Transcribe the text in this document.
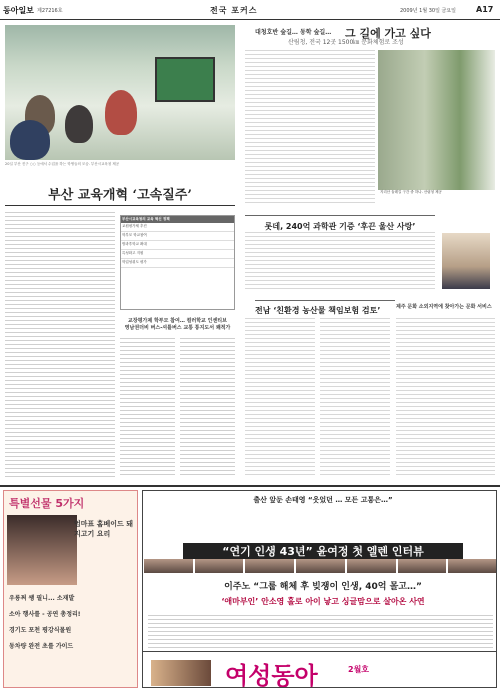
동아일보 제27216호	전국 포커스	2009년 1월 30일 금요일 A17
20일 부산 진구 ○○ 등에서 수업을 하는 학생들의 모습. 부산시교육청 제공
부산 교육개혁 ‘고속질주’
부산시교육청의 교육 혁신 정책
교원평가제 추진
학부모 학교참여
방과후학교 확대
특성화고 지원
학업성취도 평가
교장평가제 학부모 참여… 컬러학교 인센티브
영남권더비 버스-셔틀버스 교통 통지도서 쾌적가
대청호반 숲길… 동학 숲길… 그 길에 가고 싶다
산림청, 전국 12곳 1500㎞ 문화체험로 조성
지리산 둘레길 구간 중 하나. 산림청 제공
롯데, 240억 과학관 기증 ‘후끈 울산 사랑’
전남 ‘친환경 농산물 책임보험 검토’	제주 문화 소외지역에 찾아가는 문화 서비스
특별선물 5가지
엄마표 홈베이드 돼지고기 요리
우릉쩌 쌩 필니... 소재발
소아 행사를 - 공연 총정리!
경기도 포천 평강식물원
동차량 완전 초를 가이드
출산 앞둔 손태영 “웃었던 … 모든 고통은…”
“연기 인생 43년” 윤여정 첫 엘렌 인터뷰
이주노 “그룹 해체 후 빚쟁이 인생, 40억 몰고…”
‘애마부인’ 안소영 홀로 아이 낳고 싱글맘으로 살아온 사연
여성동아	2월호
